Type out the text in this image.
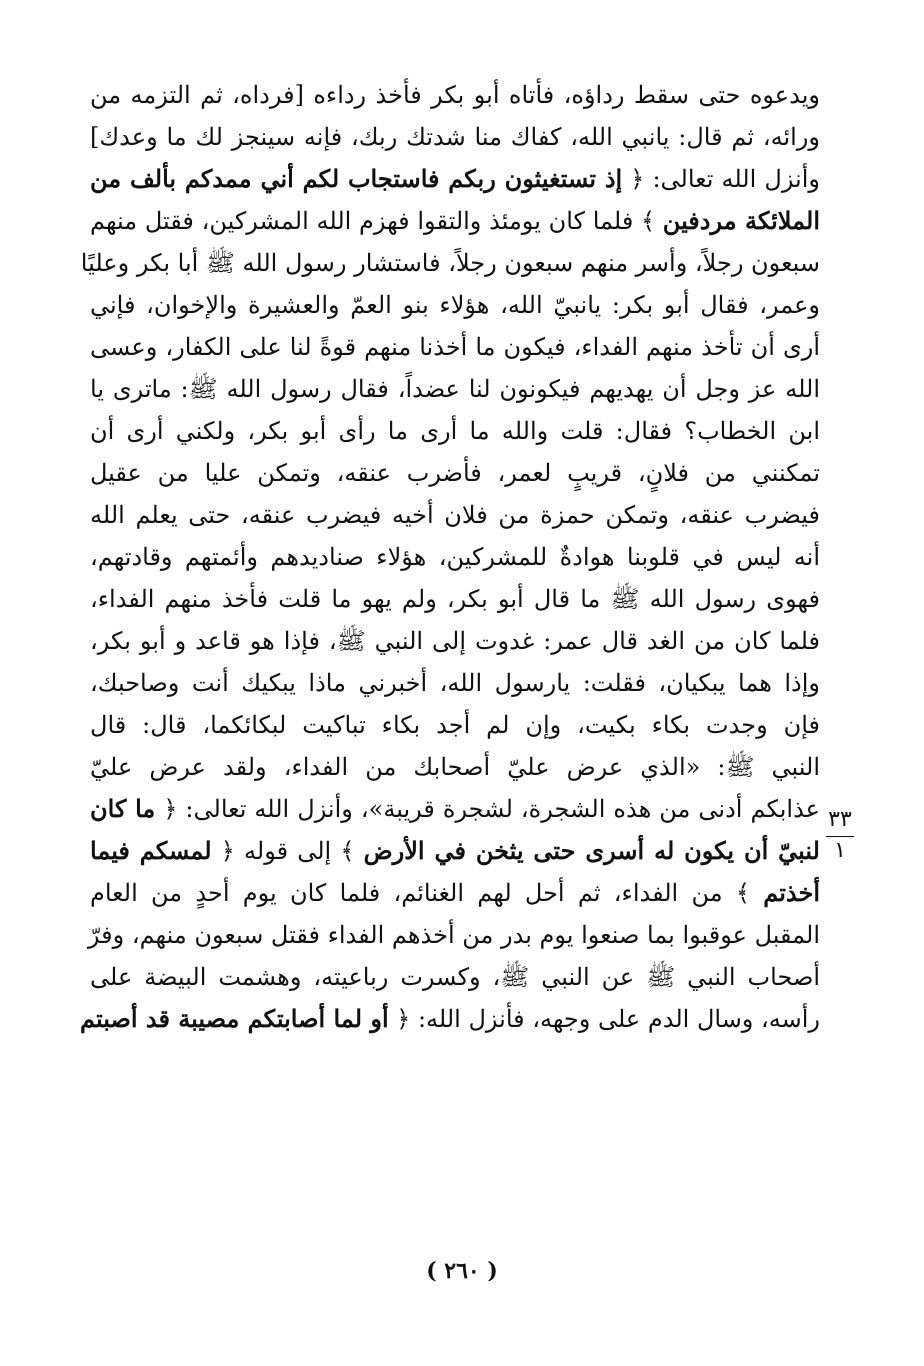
ويدعوه حتى سقط رداؤه، فأتاه أبو بكر فأخذ رداءه [فرداه، ثم التزمه من
ورائه، ثم قال: يانبي الله، كفاك منا شدتك ربك، فإنه سينجز لك ما وعدك]
وأنزل الله تعالى: ﴿ إذ تستغيثون ربكم فاستجاب لكم أني ممدكم بألف من
الملائكة مردفين ﴾ فلما كان يومئذ والتقوا فهزم الله المشركين، فقتل منهم
سبعون رجلاً، وأسر منهم سبعون رجلاً، فاستشار رسول الله ﷺ أبا بكر وعليًا
وعمر، فقال أبو بكر: يانبيّ الله، هؤلاء بنو العمّ والعشيرة والإخوان، فإني
أرى أن تأخذ منهم الفداء، فيكون ما أخذنا منهم قوةً لنا على الكفار، وعسى
الله عز وجل أن يهديهم فيكونون لنا عضداً، فقال رسول الله ﷺ: ماترى يا
ابن الخطاب؟ فقال: قلت والله ما أرى ما رأى أبو بكر، ولكني أرى أن
تمكنني من فلانٍ، قريبٍ لعمر، فأضرب عنقه، وتمكن عليا من عقيل
فيضرب عنقه، وتمكن حمزة من فلان أخيه فيضرب عنقه، حتى يعلم الله
أنه ليس في قلوبنا هوادةٌ للمشركين، هؤلاء صناديدهم وأئمتهم وقادتهم،
فهوى رسول الله ﷺ ما قال أبو بكر، ولم يهو ما قلت فأخذ منهم الفداء،
فلما كان من الغد قال عمر: غدوت إلى النبي ﷺ، فإذا هو قاعد و أبو بكر،
وإذا هما يبكيان، فقلت: يارسول الله، أخبرني ماذا يبكيك أنت وصاحبك،
فإن وجدت بكاء بكيت، وإن لم أجد بكاء تباكيت لبكائكما، قال: قال
النبي ﷺ: «الذي عرض عليّ أصحابك من الفداء، ولقد عرض عليّ
عذابكم أدنى من هذه الشجرة، لشجرة قريبة»، وأنزل الله تعالى: ﴿ ما كان
لنبيّ أن يكون له أسرى حتى يثخن في الأرض ﴾ إلى قوله ﴿ لمسكم فيما
أخذتم ﴾ من الفداء، ثم أحل لهم الغنائم، فلما كان يوم أحدٍ من العام
المقبل عوقبوا بما صنعوا يوم بدر من أخذهم الفداء فقتل سبعون منهم، وفرّ
أصحاب النبي ﷺ عن النبي ﷺ، وكسرت رباعيته، وهشمت البيضة على
رأسه، وسال الدم على وجهه، فأنزل الله: ﴿ أو لما أصابتكم مصيبة قد أصبتم
٣٣
١
( ٢٦٠ )
